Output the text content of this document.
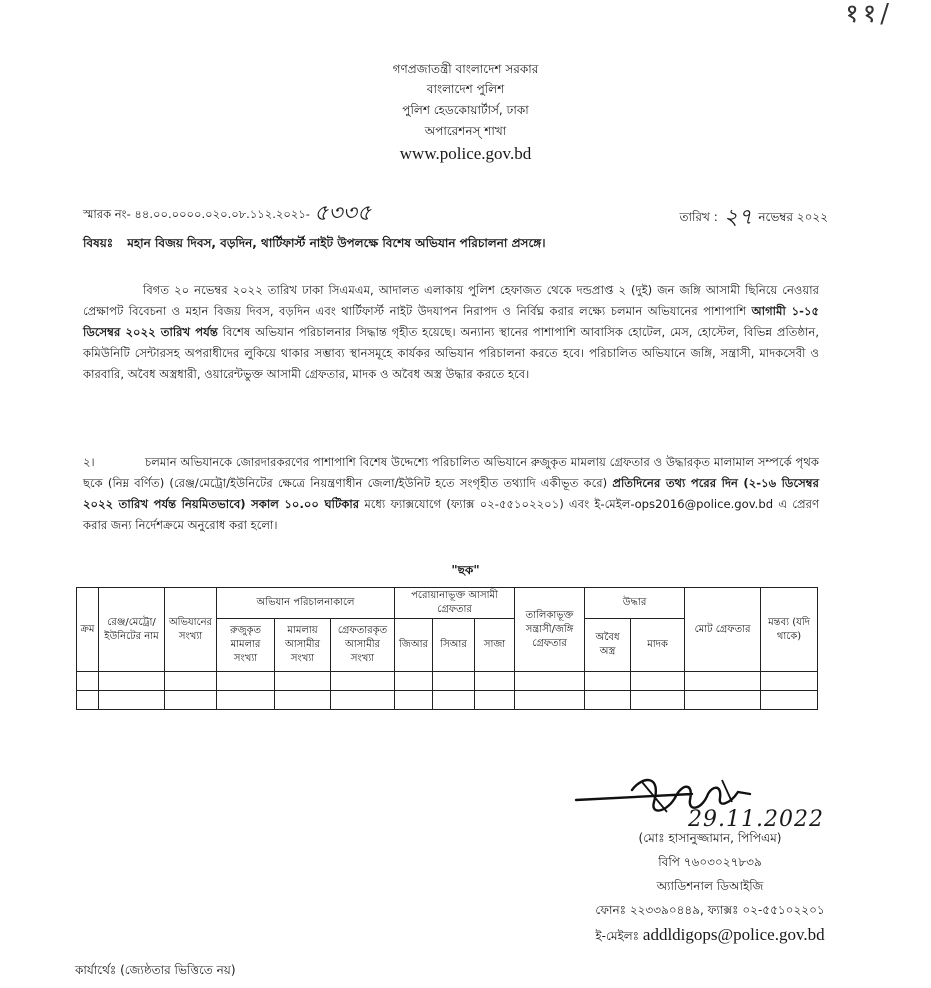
११/
গণপ্রজাতন্ত্রী বাংলাদেশ সরকার
বাংলাদেশ পুলিশ
পুলিশ হেডকোয়ার্টার্স, ঢাকা
অপারেশনস্ শাখা
www.police.gov.bd
স্মারক নং- ৪৪.০০.০০০০.০২০.০৮.১১২.২০২১- ৫৩৩৫	তারিখ : ২৭ নভেম্বর ২০২২
বিষয়ঃ মহান বিজয় দিবস, বড়দিন, থার্টিফার্স্ট নাইট উপলক্ষে বিশেষ অভিযান পরিচালনা প্রসঙ্গে।

বিগত ২০ নভেম্বর ২০২২ তারিখ ঢাকা সিএমএম, আদালত এলাকায় পুলিশ হেফাজত থেকে দন্ডপ্রাপ্ত ২ (দুই) জন জঙ্গি আসামী ছিনিয়ে নেওয়ার প্রেক্ষাপট বিবেচনা ও মহান বিজয় দিবস, বড়দিন এবং থার্টিফার্স্ট নাইট উদযাপন নিরাপদ ও নির্বিঘ্ন করার লক্ষ্যে চলমান অভিযানের পাশাপাশি আগামী ১-১৫ ডিসেম্বর ২০২২ তারিখ পর্যন্ত বিশেষ অভিযান পরিচালনার সিদ্ধান্ত গৃহীত হয়েছে। অন্যান্য স্থানের পাশাপাশি আবাসিক হোটেল, মেস, হোস্টেল, বিভিন্ন প্রতিষ্ঠান, কমিউনিটি সেন্টারসহ অপরাধীদের লুকিয়ে থাকার সম্ভাব্য স্থানসমূহে কার্যকর অভিযান পরিচালনা করতে হবে। পরিচালিত অভিযানে জঙ্গি, সন্ত্রাসী, মাদকসেবী ও কারবারি, অবৈধ অস্ত্রধারী, ওয়ারেন্টভুক্ত আসামী গ্রেফতার, মাদক ও অবৈধ অস্ত্র উদ্ধার করতে হবে।

২।	চলমান অভিযানকে জোরদারকরণের পাশাপাশি বিশেষ উদ্দেশ্যে পরিচালিত অভিযানে রুজুকৃত মামলায় গ্রেফতার ও উদ্ধারকৃত মালামাল সম্পর্কে পৃথক ছকে (নিম্ন বর্ণিত) (রেঞ্জ/মেট্রো/ইউনিটের ক্ষেত্রে নিয়ন্ত্রণাধীন জেলা/ইউনিট হতে সংগৃহীত তথ্যাদি একীভূত করে) প্রতিদিনের তথ্য পরের দিন (২-১৬ ডিসেম্বর ২০২২ তারিখ পর্যন্ত নিয়মিতভাবে) সকাল ১০.০০ ঘটিকার মধ্যে ফ্যাক্সযোগে (ফ্যাক্স ০২-৫৫১০২২০১) এবং ই-মেইল-ops2016@police.gov.bd এ প্রেরণ করার জন্য নির্দেশক্রমে অনুরোধ করা হলো।

"ছক"
ক্রম	রেঞ্জ/মেট্রো/ ইউনিটের নাম	অভিযানের সংখ্যা	অভিযান পরিচালনাকালে			পরোয়ানাভূক্ত আসামী গ্রেফতার			তালিকাভূক্ত সন্ত্রাসী/জঙ্গি গ্রেফতার	উদ্ধার		মোট গ্রেফতার	মন্তব্য (যদি থাকে)
			রুজুকৃত মামলার সংখ্যা	মামলায় আসামীর সংখ্যা	গ্রেফতারকৃত আসামীর সংখ্যা	জিআর	সিআর	সাজা		অবৈধ অস্ত্র	মাদক		

29.11.2022
(মোঃ হাসানুজ্জামান, পিপিএম)
বিপি ৭৬০৩০২৭৮৩৯
অ্যাডিশনাল ডিআইজি
ফোনঃ ২২৩৩৯০৪৪৯, ফ্যাক্সঃ ০২-৫৫১০২২০১
ই-মেইলঃ addldigops@police.gov.bd
কার্যার্থেঃ (জ্যেষ্ঠতার ভিত্তিতে নয়)
